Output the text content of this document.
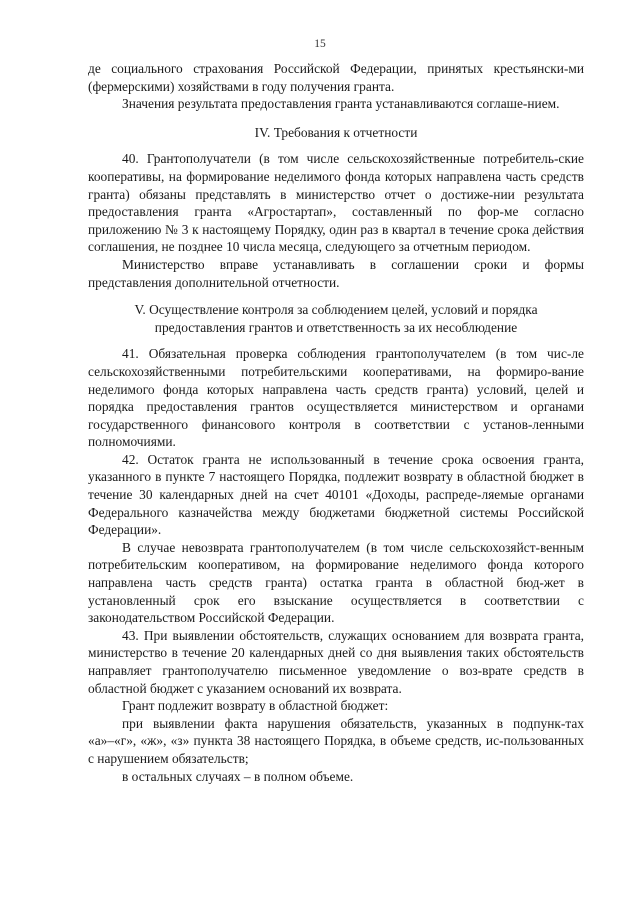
15

де социального страхования Российской Федерации, принятых крестьянски-ми (фермерскими) хозяйствами в году получения гранта.

Значения результата предоставления гранта устанавливаются соглаше-нием.

IV. Требования к отчетности

40. Грантополучатели (в том числе сельскохозяйственные потребитель-ские кооперативы, на формирование неделимого фонда которых направлена часть средств гранта) обязаны представлять в министерство отчет о достиже-нии результата предоставления гранта «Агростартап», составленный по фор-ме согласно приложению № 3 к настоящему Порядку, один раз в квартал в течение срока действия соглашения, не позднее 10 числа месяца, следующего за отчетным периодом.

Министерство вправе устанавливать в соглашении сроки и формы представления дополнительной отчетности.

V. Осуществление контроля за соблюдением целей, условий и порядка
предоставления грантов и ответственность за их несоблюдение

41. Обязательная проверка соблюдения грантополучателем (в том чис-ле сельскохозяйственными потребительскими кооперативами, на формиро-вание неделимого фонда которых направлена часть средств гранта) условий, целей и порядка предоставления грантов осуществляется министерством и органами государственного финансового контроля в соответствии с установ-ленными полномочиями.

42. Остаток гранта не использованный в течение срока освоения гранта, указанного в пункте 7 настоящего Порядка, подлежит возврату в областной бюджет в течение 30 календарных дней на счет 40101 «Доходы, распреде-ляемые органами Федерального казначейства между бюджетами бюджетной системы Российской Федерации».

В случае невозврата грантополучателем (в том числе сельскохозяйст-венным потребительским кооперативом, на формирование неделимого фонда которого направлена часть средств гранта) остатка гранта в областной бюд-жет в установленный срок его взыскание осуществляется в соответствии с законодательством Российской Федерации.

43. При выявлении обстоятельств, служащих основанием для возврата гранта, министерство в течение 20 календарных дней со дня выявления таких обстоятельств направляет грантополучателю письменное уведомление о воз-врате средств в областной бюджет с указанием оснований их возврата.

Грант подлежит возврату в областной бюджет:

при выявлении факта нарушения обязательств, указанных в подпунк-тах «а»–«г», «ж», «з» пункта 38 настоящего Порядка, в объеме средств, ис-пользованных с нарушением обязательств;

в остальных случаях – в полном объеме.
